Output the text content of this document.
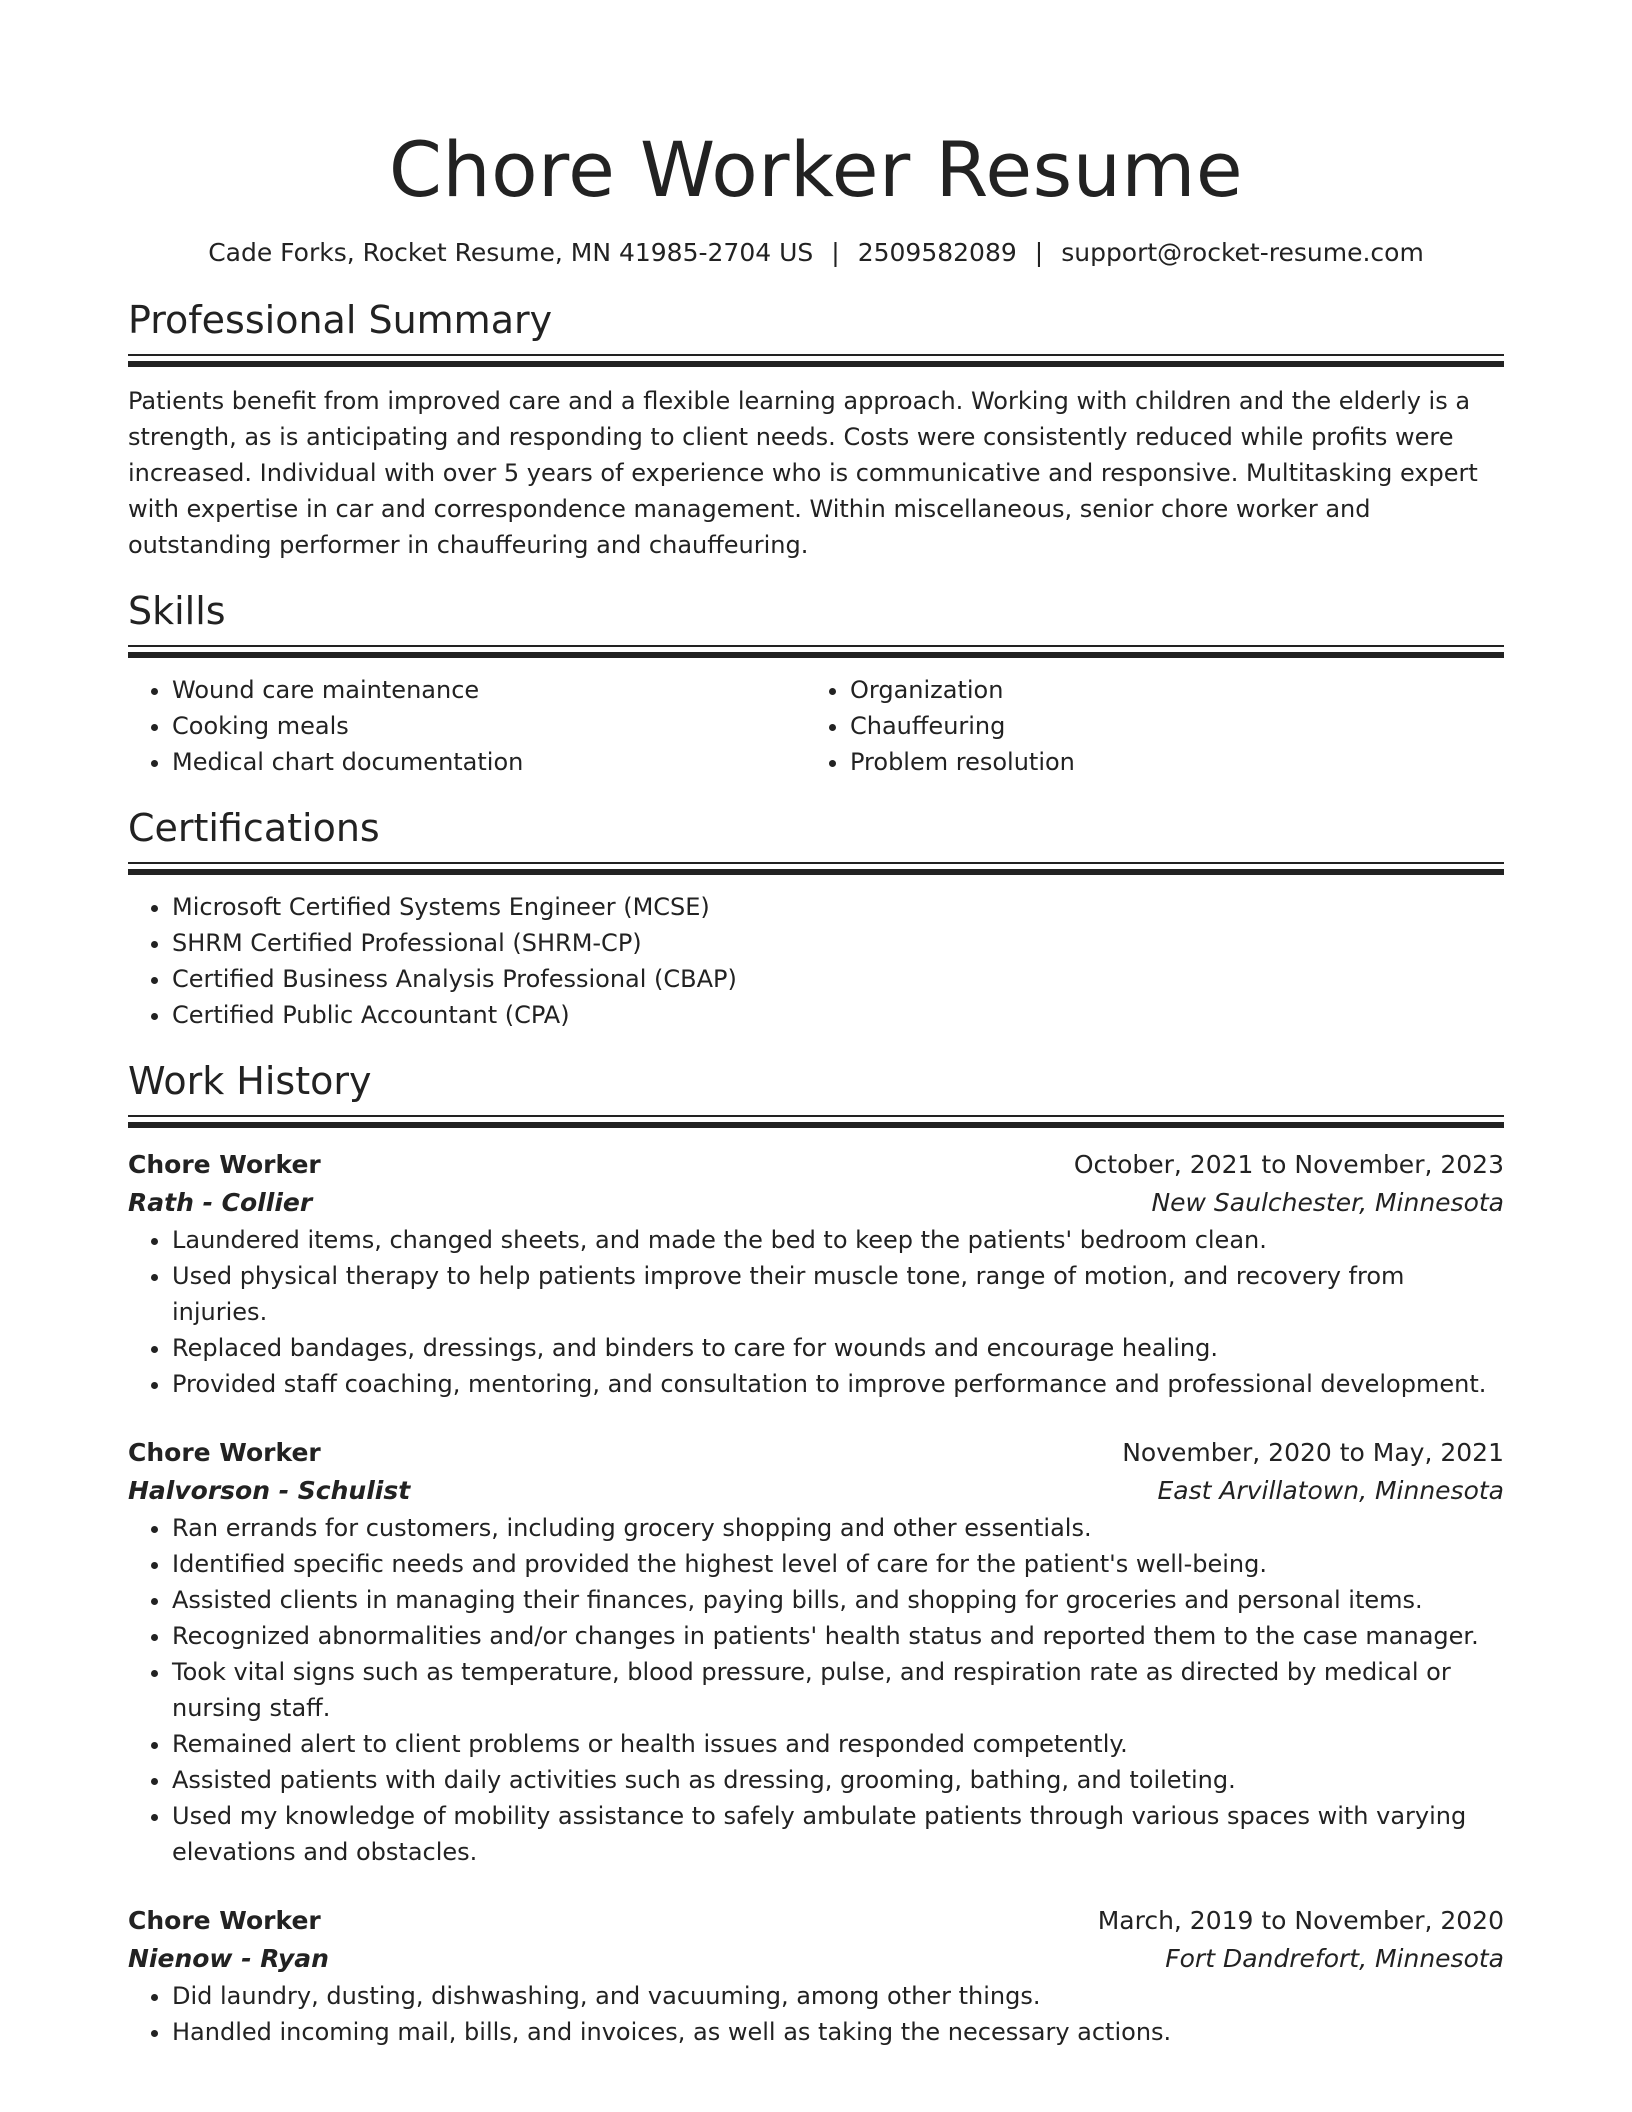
Chore Worker Resume
Cade Forks, Rocket Resume, MN 41985-2704 US | 2509582089 | support@rocket-resume.com
Professional Summary
Patients benefit from improved care and a flexible learning approach. Working with children and the elderly is a strength, as is anticipating and responding to client needs. Costs were consistently reduced while profits were increased. Individual with over 5 years of experience who is communicative and responsive. Multitasking expert with expertise in car and correspondence management. Within miscellaneous, senior chore worker and outstanding performer in chauffeuring and chauffeuring.
Skills
• Wound care maintenance
• Cooking meals
• Medical chart documentation
• Organization
• Chauffeuring
• Problem resolution
Certifications
• Microsoft Certified Systems Engineer (MCSE)
• SHRM Certified Professional (SHRM-CP)
• Certified Business Analysis Professional (CBAP)
• Certified Public Accountant (CPA)
Work History
Chore Worker	October, 2021 to November, 2023
Rath - Collier	New Saulchester, Minnesota
• Laundered items, changed sheets, and made the bed to keep the patients' bedroom clean.
• Used physical therapy to help patients improve their muscle tone, range of motion, and recovery from injuries.
• Replaced bandages, dressings, and binders to care for wounds and encourage healing.
• Provided staff coaching, mentoring, and consultation to improve performance and professional development.
Chore Worker	November, 2020 to May, 2021
Halvorson - Schulist	East Arvillatown, Minnesota
• Ran errands for customers, including grocery shopping and other essentials.
• Identified specific needs and provided the highest level of care for the patient's well-being.
• Assisted clients in managing their finances, paying bills, and shopping for groceries and personal items.
• Recognized abnormalities and/or changes in patients' health status and reported them to the case manager.
• Took vital signs such as temperature, blood pressure, pulse, and respiration rate as directed by medical or nursing staff.
• Remained alert to client problems or health issues and responded competently.
• Assisted patients with daily activities such as dressing, grooming, bathing, and toileting.
• Used my knowledge of mobility assistance to safely ambulate patients through various spaces with varying elevations and obstacles.
Chore Worker	March, 2019 to November, 2020
Nienow - Ryan	Fort Dandrefort, Minnesota
• Did laundry, dusting, dishwashing, and vacuuming, among other things.
• Handled incoming mail, bills, and invoices, as well as taking the necessary actions.
